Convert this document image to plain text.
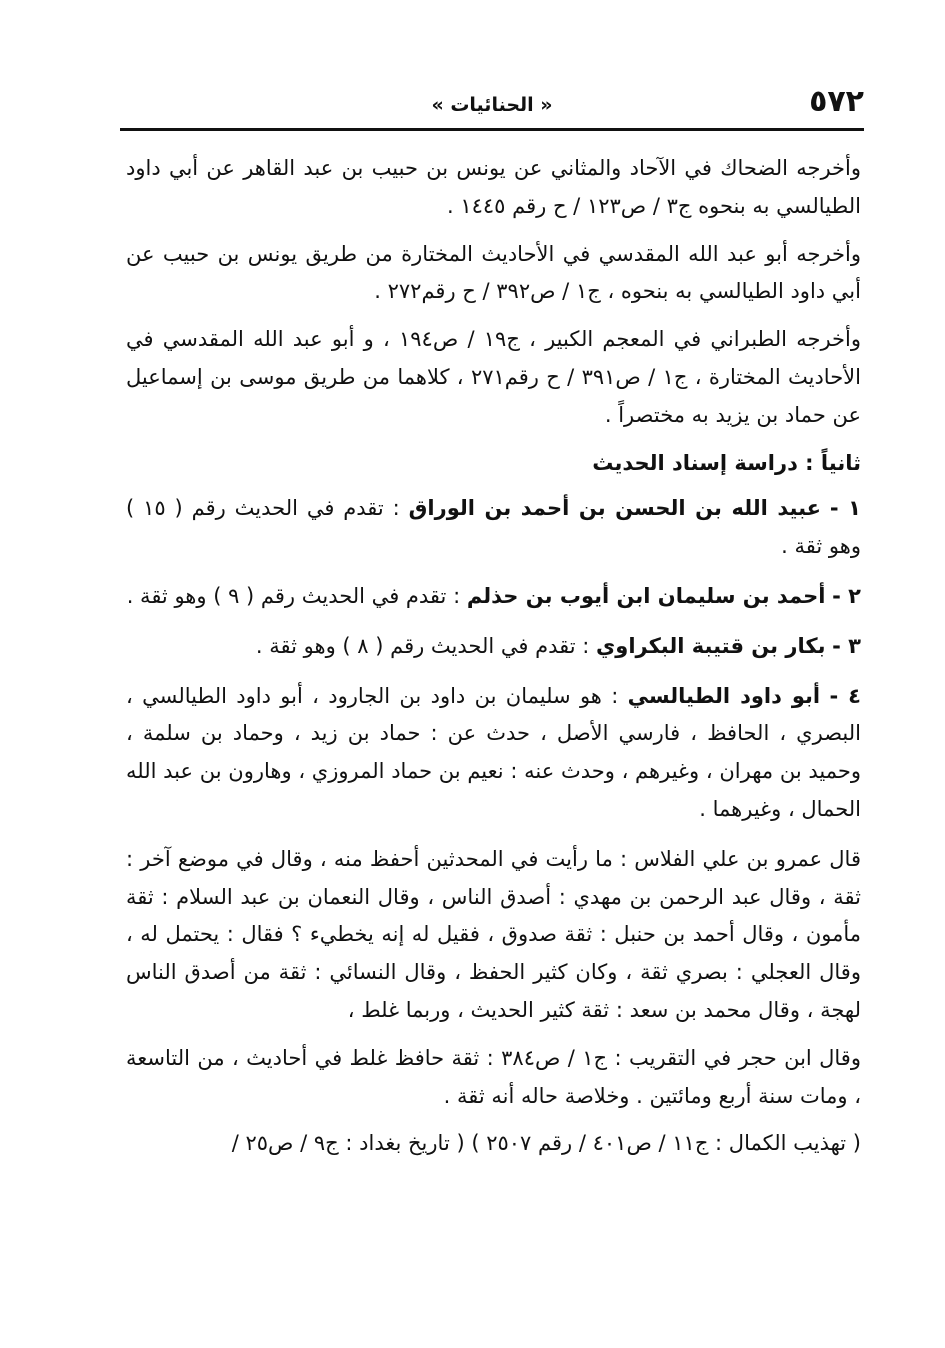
٥٧٢
« الحنائيات »

وأخرجه الضحاك في الآحاد والمثاني عن يونس بن حبيب بن عبد القاهر عن أبي داود الطيالسي به بنحوه ج٣ / ص١٢٣ / ح رقم ١٤٤٥ .

وأخرجه أبو عبد الله المقدسي في الأحاديث المختارة من طريق يونس بن حبيب عن أبي داود الطيالسي به بنحوه ، ج١ / ص٣٩٢ / ح رقم٢٧٢ .

وأخرجه الطبراني في المعجم الكبير ، ج١٩ / ص١٩٤ ، و أبو عبد الله المقدسي في الأحاديث المختارة ، ج١ / ص٣٩١ / ح رقم٢٧١ ، كلاهما من طريق موسى بن إسماعيل عن حماد بن يزيد به مختصراً .

ثانياً : دراسة إسناد الحديث

١ - عبيد الله بن الحسن بن أحمد بن الوراق : تقدم في الحديث رقم ( ١٥ ) وهو ثقة .

٢ - أحمد بن سليمان ابن أيوب بن حذلم : تقدم في الحديث رقم ( ٩ ) وهو ثقة .

٣ - بكار بن قتيبة البكراوي : تقدم في الحديث رقم ( ٨ ) وهو ثقة .

٤ - أبو داود الطيالسي : هو سليمان بن داود بن الجارود ، أبو داود الطيالسي ، البصري ، الحافظ ، فارسي الأصل ، حدث عن : حماد بن زيد ، وحماد بن سلمة ، وحميد بن مهران ، وغيرهم ، وحدث عنه : نعيم بن حماد المروزي ، وهارون بن عبد الله الحمال ، وغيرهما .

قال عمرو بن علي الفلاس : ما رأيت في المحدثين أحفظ منه ، وقال في موضع آخر : ثقة ، وقال عبد الرحمن بن مهدي : أصدق الناس ، وقال النعمان بن عبد السلام : ثقة مأمون ، وقال أحمد بن حنبل : ثقة صدوق ، فقيل له إنه يخطيء ؟ فقال : يحتمل له ، وقال العجلي : بصري ثقة ، وكان كثير الحفظ ، وقال النسائي : ثقة من أصدق الناس لهجة ، وقال محمد بن سعد : ثقة كثير الحديث ، وربما غلط ،

وقال ابن حجر في التقريب : ج١ / ص٣٨٤ : ثقة حافظ غلط في أحاديث ، من التاسعة ، ومات سنة أربع ومائتين . وخلاصة حاله أنه ثقة .

( تهذيب الكمال : ج١١ / ص٤٠١ / رقم ٢٥٠٧ ) ( تاريخ بغداد : ج٩ / ص٢٥ /
